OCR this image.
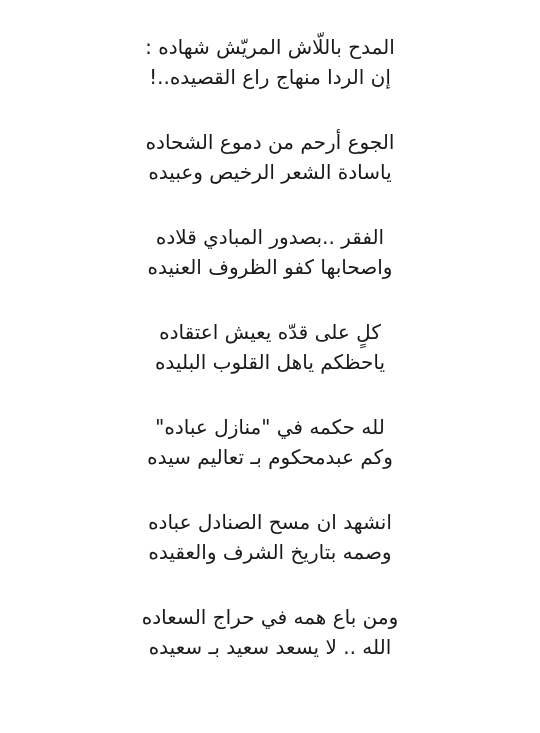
المدح باللّاش المريّش شهاده :
إن الردا منهاج راع القصيده..!
الجوع أرحم من دموع الشحاده
ياسادة الشعر الرخيص وعبيده
الفقر ..بصدور المبادي قلاده
واصحابها كفو الظروف العنيده
كلٍ على قدّه يعيش اعتقاده
ياحظكم ياهل القلوب البليده
لله حكمه في "منازل عباده"
وكم عبدمحكوم بـ تعاليم سيده
انشهد ان مسح الصنادل عباده
وصمه بتاريخ الشرف والعقيده
ومن باع همه في حراج السعاده
الله .. لا يسعد سعيد بـ سعيده
